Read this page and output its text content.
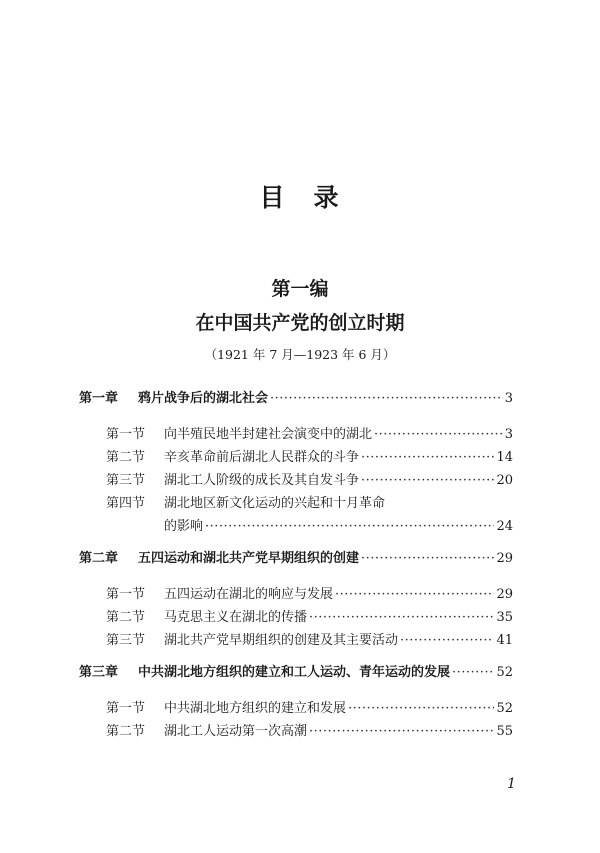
目　录
第一编
在中国共产党的创立时期
（1921 年 7 月—1923 年 6 月）
第一章	鸦片战争后的湖北社会 ·····	3
第一节	向半殖民地半封建社会演变中的湖北 ·····	3
第二节	辛亥革命前后湖北人民群众的斗争 ·····	14
第三节	湖北工人阶级的成长及其自发斗争 ·····	20
第四节	湖北地区新文化运动的兴起和十月革命
的影响 ·····	24
第二章	五四运动和湖北共产党早期组织的创建 ·····	29
第一节	五四运动在湖北的响应与发展 ·····	29
第二节	马克思主义在湖北的传播 ·····	35
第三节	湖北共产党早期组织的创建及其主要活动 ·····	41
第三章	中共湖北地方组织的建立和工人运动、青年运动的发展 ·····	52
第一节	中共湖北地方组织的建立和发展 ·····	52
第二节	湖北工人运动第一次高潮 ·····	55
1
